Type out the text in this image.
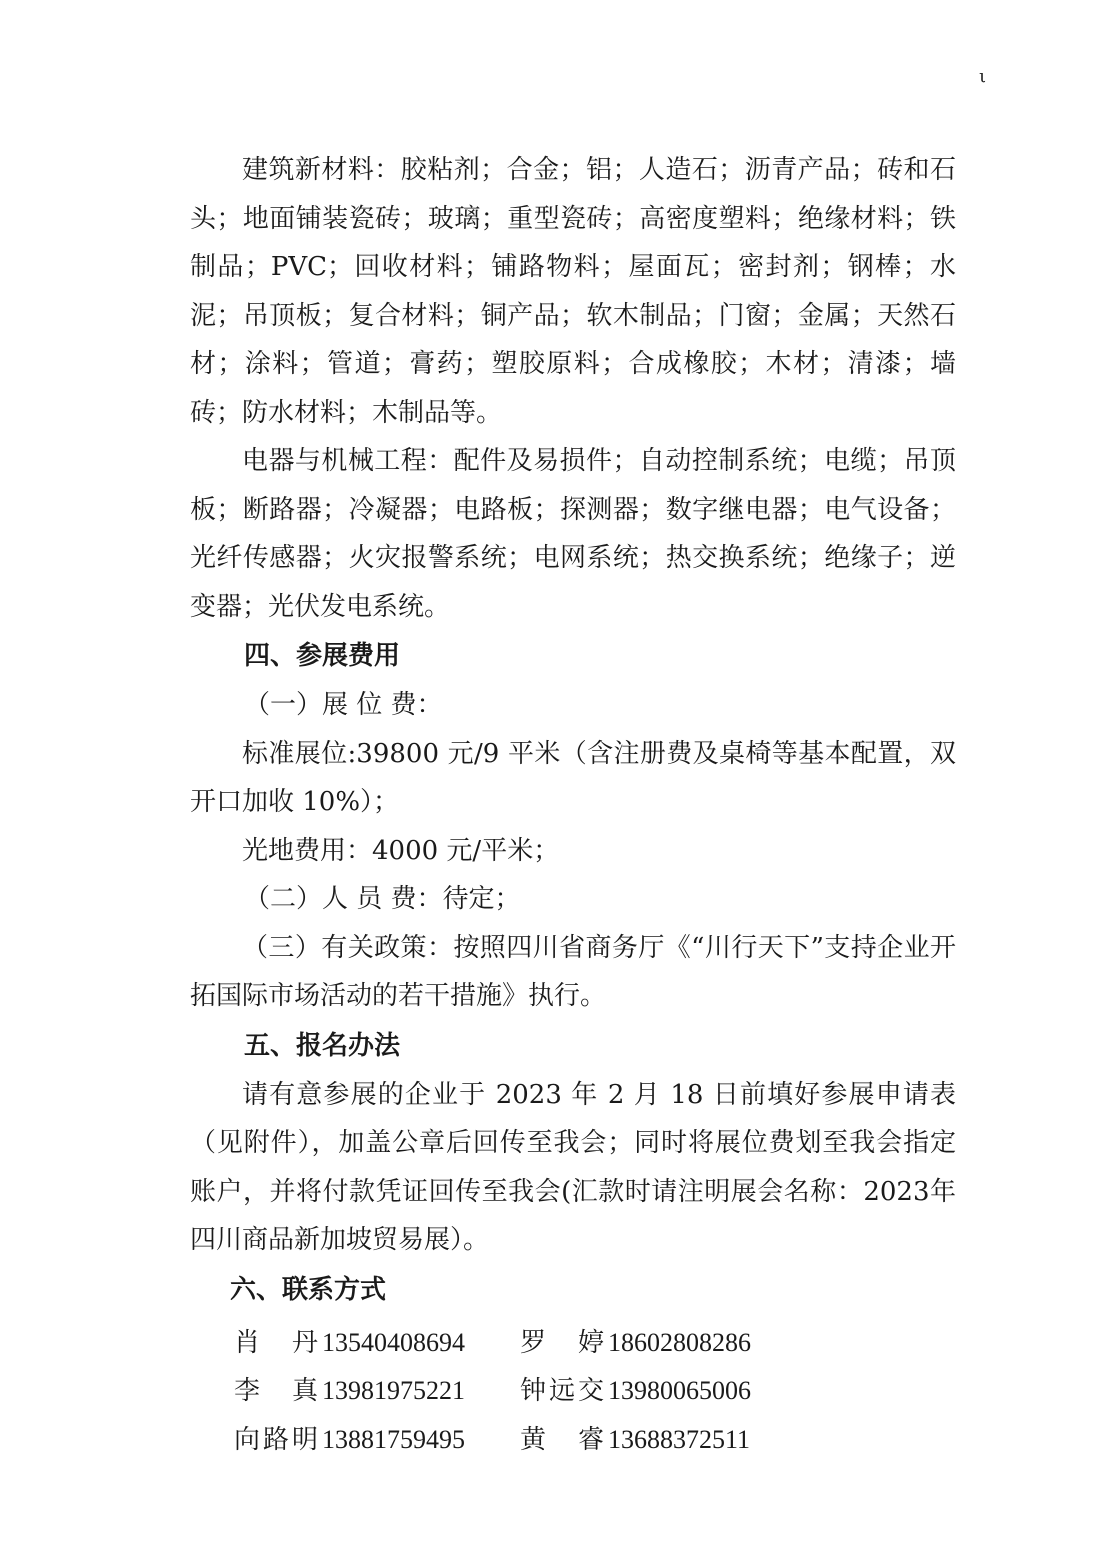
ι

建筑新材料：胶粘剂；合金；铝；人造石；沥青产品；砖和石头；地面铺装瓷砖；玻璃；重型瓷砖；高密度塑料；绝缘材料；铁制品；PVC；回收材料；铺路物料；屋面瓦；密封剂；钢棒；水泥；吊顶板；复合材料；铜产品；软木制品；门窗；金属；天然石材；涂料；管道；膏药；塑胶原料；合成橡胶；木材；清漆；墙砖；防水材料；木制品等。

电器与机械工程：配件及易损件；自动控制系统；电缆；吊顶板；断路器；冷凝器；电路板；探测器；数字继电器；电气设备；光纤传感器；火灾报警系统；电网系统；热交换系统；绝缘子；逆变器；光伏发电系统。

四、参展费用

（一）展 位 费：

标准展位:39800 元/9 平米（含注册费及桌椅等基本配置，双开口加收 10%）；

光地费用：4000 元/平米；

（二）人 员 费：待定；

（三）有关政策：按照四川省商务厅《“川行天下”支持企业开拓国际市场活动的若干措施》执行。

五、报名办法

请有意参展的企业于 2023 年 2 月 18 日前填好参展申请表（见附件），加盖公章后回传至我会；同时将展位费划至我会指定账户，并将付款凭证回传至我会(汇款时请注明展会名称：2023年四川商品新加坡贸易展）。

六、联系方式
肖丹 13540408694 罗婷 18602808286
李真 13981975221 钟远交 13980065006
向路明 13881759495 黄睿 13688372511
